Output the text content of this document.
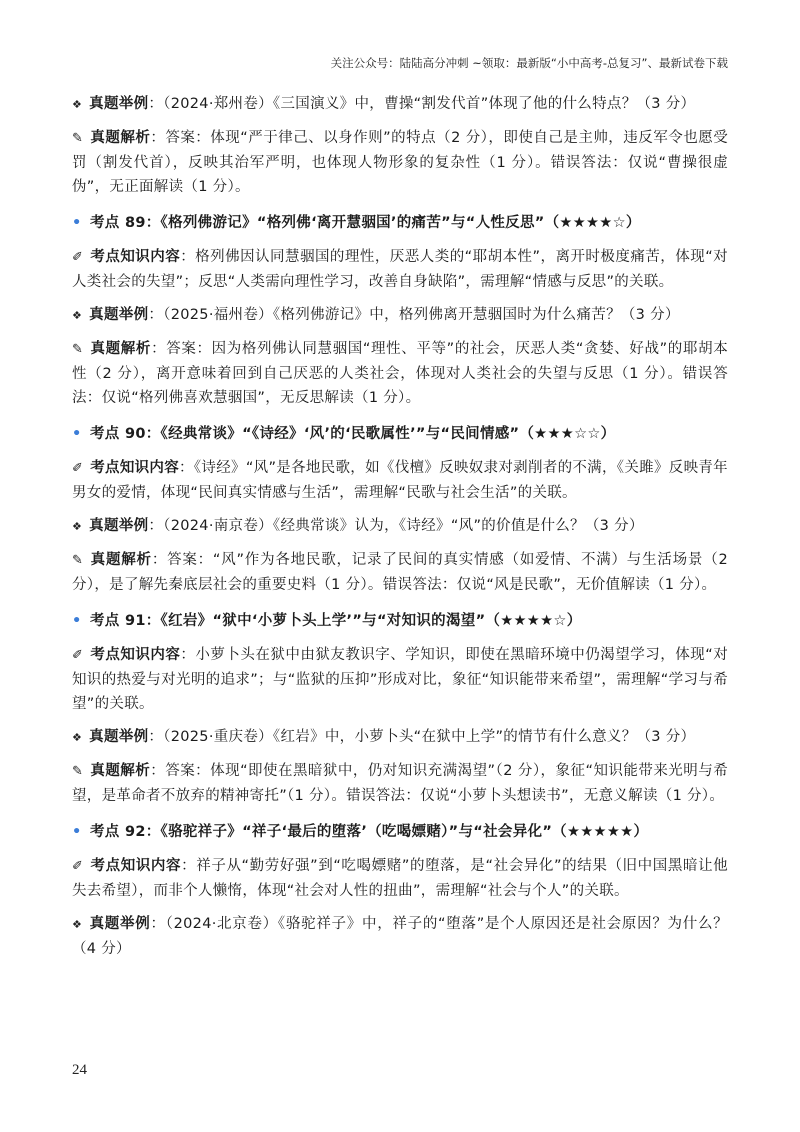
关注公众号：陆陆高分冲刺 ~领取：最新版“小中高考-总复习”、最新试卷下载

❖ 真题举例：（2024·郑州卷）《三国演义》中，曹操“割发代首”体现了他的什么特点？（3 分）

✎ 真题解析：答案：体现“严于律己、以身作则”的特点（2 分），即使自己是主帅，违反军令也愿受罚（割发代首），反映其治军严明，也体现人物形象的复杂性（1 分）。错误答法：仅说“曹操很虚伪”，无正面解读（1 分）。

• 考点 89：《格列佛游记》“格列佛‘离开慧骃国’的痛苦”与“人性反思”（★★★★☆）

✐ 考点知识内容：格列佛因认同慧骃国的理性，厌恶人类的“耶胡本性”，离开时极度痛苦，体现“对人类社会的失望”；反思“人类需向理性学习，改善自身缺陷”，需理解“情感与反思”的关联。

❖ 真题举例：（2025·福州卷）《格列佛游记》中，格列佛离开慧骃国时为什么痛苦？（3 分）

✎ 真题解析：答案：因为格列佛认同慧骃国“理性、平等”的社会，厌恶人类“贪婪、好战”的耶胡本性（2 分），离开意味着回到自己厌恶的人类社会，体现对人类社会的失望与反思（1 分）。错误答法：仅说“格列佛喜欢慧骃国”，无反思解读（1 分）。

• 考点 90：《经典常谈》“《诗经》‘风’的‘民歌属性’”与“民间情感”（★★★☆☆）

✐ 考点知识内容：《诗经》“风”是各地民歌，如《伐檀》反映奴隶对剥削者的不满，《关雎》反映青年男女的爱情，体现“民间真实情感与生活”，需理解“民歌与社会生活”的关联。

❖ 真题举例：（2024·南京卷）《经典常谈》认为，《诗经》“风”的价值是什么？（3 分）

✎ 真题解析：答案：“风”作为各地民歌，记录了民间的真实情感（如爱情、不满）与生活场景（2 分），是了解先秦底层社会的重要史料（1 分）。错误答法：仅说“风是民歌”，无价值解读（1 分）。

• 考点 91：《红岩》“狱中‘小萝卜头上学’”与“对知识的渴望”（★★★★☆）

✐ 考点知识内容：小萝卜头在狱中由狱友教识字、学知识，即使在黑暗环境中仍渴望学习，体现“对知识的热爱与对光明的追求”；与“监狱的压抑”形成对比，象征“知识能带来希望”，需理解“学习与希望”的关联。

❖ 真题举例：（2025·重庆卷）《红岩》中，小萝卜头“在狱中上学”的情节有什么意义？（3 分）

✎ 真题解析：答案：体现“即使在黑暗狱中，仍对知识充满渴望”（2 分），象征“知识能带来光明与希望，是革命者不放弃的精神寄托”（1 分）。错误答法：仅说“小萝卜头想读书”，无意义解读（1 分）。

• 考点 92：《骆驼祥子》“祥子‘最后的堕落’（吃喝嫖赌）”与“社会异化”（★★★★★）

✐ 考点知识内容：祥子从“勤劳好强”到“吃喝嫖赌”的堕落，是“社会异化”的结果（旧中国黑暗让他失去希望），而非个人懒惰，体现“社会对人性的扭曲”，需理解“社会与个人”的关联。

❖ 真题举例：（2024·北京卷）《骆驼祥子》中，祥子的“堕落”是个人原因还是社会原因？为什么？（4 分）

24
